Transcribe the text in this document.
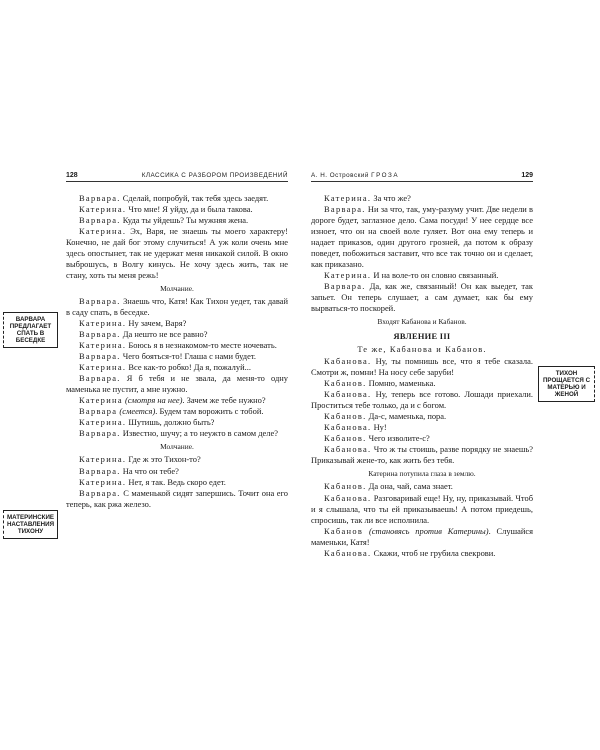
128	КЛАССИКА С РАЗБОРОМ ПРОИЗВЕДЕНИЙ

Варвара. Сделай, попробуй, так тебя здесь заедят.

Катерина. Что мне! Я уйду, да и была такова.

Варвара. Куда ты уйдешь? Ты мужняя жена.

Катерина. Эх, Варя, не знаешь ты моего характеру! Конечно, не дай бог этому случиться! А уж коли очень мне здесь опостынет, так не удержат меня никакой силой. В окно выброшусь, в Волгу кинусь. Не хочу здесь жить, так не стану, хоть ты меня режь!

Молчание.

Варвара. Знаешь что, Катя! Как Тихон уедет, так давай в саду спать, в беседке.

Катерина. Ну зачем, Варя?

Варвара. Да нешто не все равно?

Катерина. Боюсь я в незнакомом-то месте ночевать.

Варвара. Чего бояться-то! Глаша с нами будет.

Катерина. Все как-то робко! Да я, пожалуй...

Варвара. Я б тебя и не звала, да меня-то одну маменька не пустит, а мне нужно.

Катерина (смотря на нее). Зачем же тебе нужно?

Варвара (смеется). Будем там ворожить с тобой.

Катерина. Шутишь, должно быть?

Варвара. Известно, шучу; а то неужто в самом деле?

Молчание.

Катерина. Где ж это Тихон-то?

Варвара. На что он тебе?

Катерина. Нет, я так. Ведь скоро едет.

Варвара. С маменькой сидят запершись. Точит она его теперь, как ржа железо.

ВАРВАРА ПРЕДЛАГАЕТ СПАТЬ В БЕСЕДКЕ
МАТЕРИНСКИЕ НАСТАВЛЕНИЯ ТИХОНУ
А. Н. Островский ГРОЗА	129

Катерина. За что же?

Варвара. Ни за что, так, уму-разуму учит. Две недели в дороге будет, заглазное дело. Сама посуди! У нее сердце все изноет, что он на своей воле гуляет. Вот она ему теперь и надает приказов, один другого грозней, да потом к образу поведет, побожиться заставит, что все так точно он и сделает, как приказано.

Катерина. И на воле-то он словно связанный.

Варвара. Да, как же, связанный! Он как выедет, так запьет. Он теперь слушает, а сам думает, как бы ему вырваться-то поскорей.

Входят Кабанова и Кабанов.
ЯВЛЕНИЕ III
Те же, Кабанова и Кабанов.

Кабанова. Ну, ты помнишь все, что я тебе сказала. Смотри ж, помни! На носу себе заруби!

Кабанов. Помню, маменька.

Кабанова. Ну, теперь все готово. Лошади приехали. Проститься тебе только, да и с богом.

Кабанов. Да-с, маменька, пора.

Кабанова. Ну!

Кабанов. Чего изволите-с?

Кабанова. Что ж ты стоишь, разве порядку не знаешь? Приказывай жене-то, как жить без тебя.

Катерина потупила глаза в землю.

Кабанов. Да она, чай, сама знает.

Кабанова. Разговаривай еще! Ну, ну, приказывай. Чтоб и я слышала, что ты ей приказываешь! А потом приедешь, спросишь, так ли все исполнила.

Кабанов (становясь против Катерины). Слушайся маменьки, Катя!

Кабанова. Скажи, чтоб не грубила свекрови.

ТИХОН ПРОЩАЕТСЯ С МАТЕРЬЮ И ЖЕНОЙ
